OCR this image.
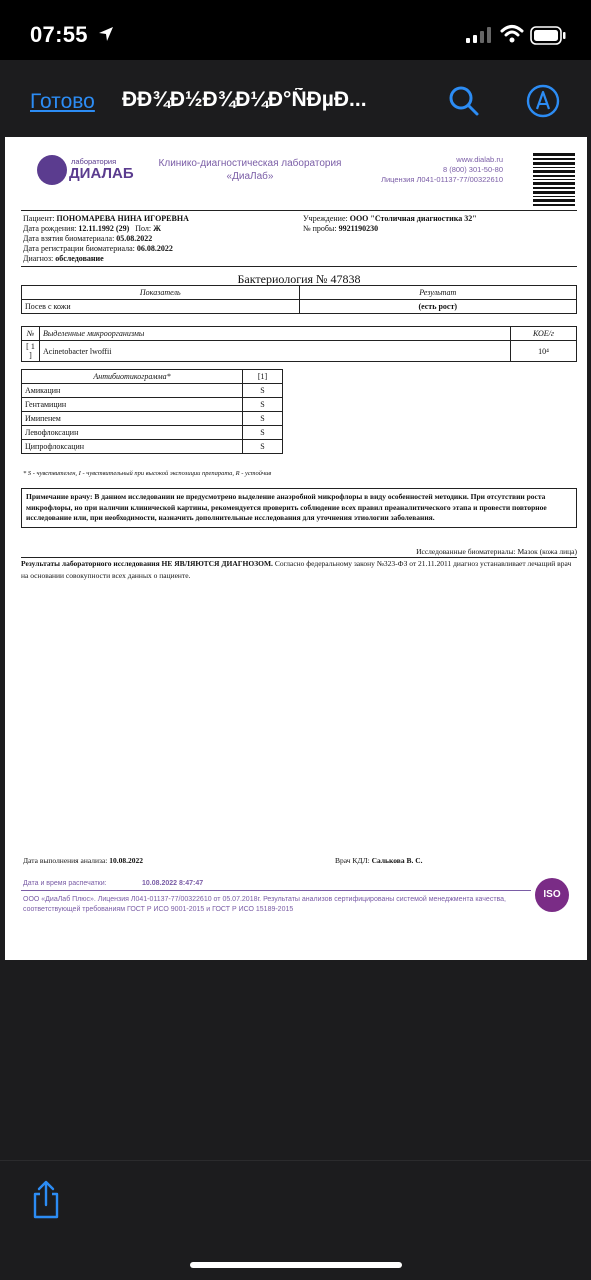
07:55
Готово ÐÐ¾Ð½Ð¾Ð¼Ð°ÑÐµÐ...
лаборатория
ДИАЛАБ
Клинико-диагностическая лаборатория
«ДиаЛаб»
www.dialab.ru
8 (800) 301-50-80
Лицензия Л041-01137-77/00322610
Пациент: ПОНОМАРЕВА НИНА ИГОРЕВНА
Дата рождения: 12.11.1992 (29) Пол: Ж
Дата взятия биоматериала: 05.08.2022
Дата регистрации биоматериала: 06.08.2022
Диагноз: обследование
Учреждение: ООО "Столичная диагностика 32"
№ пробы: 9921190230
Бактериология № 47838
Показатель	Результат
Посев с кожи	(есть рост)
№	Выделенные микроорганизмы	КОЕ/г
[ 1 ]	Acinetobacter lwoffii	10⁴
Антибиотикограмма*	[1]
Амикацин	S
Гентамицин	S
Имипенем	S
Левофлоксацин	S
Ципрофлоксацин	S
* S - чувствителен, I - чувствительный при высокой экспозиции препарата, R - устойчив
Примечание врачу: В данном исследовании не предусмотрено выделение анаэробной микрофлоры в виду особенностей методики. При отсутствии роста микрофлоры, но при наличии клинической картины, рекомендуется проверить соблюдение всех правил преаналитического этапа и провести повторное исследование или, при необходимости, назначить дополнительные исследования для уточнения этиологии заболевания.
Исследованные биоматериалы: Мазок (кожа лица)
Результаты лабораторного исследования НЕ ЯВЛЯЮТСЯ ДИАГНОЗОМ. Согласно федеральному закону №323-ФЗ от 21.11.2011 диагноз устанавливает лечащий врач на основании совокупности всех данных о пациенте.
Дата выполнения анализа: 10.08.2022	Врач КДЛ: Салькова В. С.
Дата и время распечатки:	10.08.2022 8:47:47
ООО «ДиаЛаб Плюс». Лицензия Л041-01137-77/00322610 от 05.07.2018г. Результаты анализов сертифицированы системой менеджмента качества, соответствующей требованиям ГОСТ Р ИСО 9001-2015 и ГОСТ Р ИСО 15189-2015
ISO
